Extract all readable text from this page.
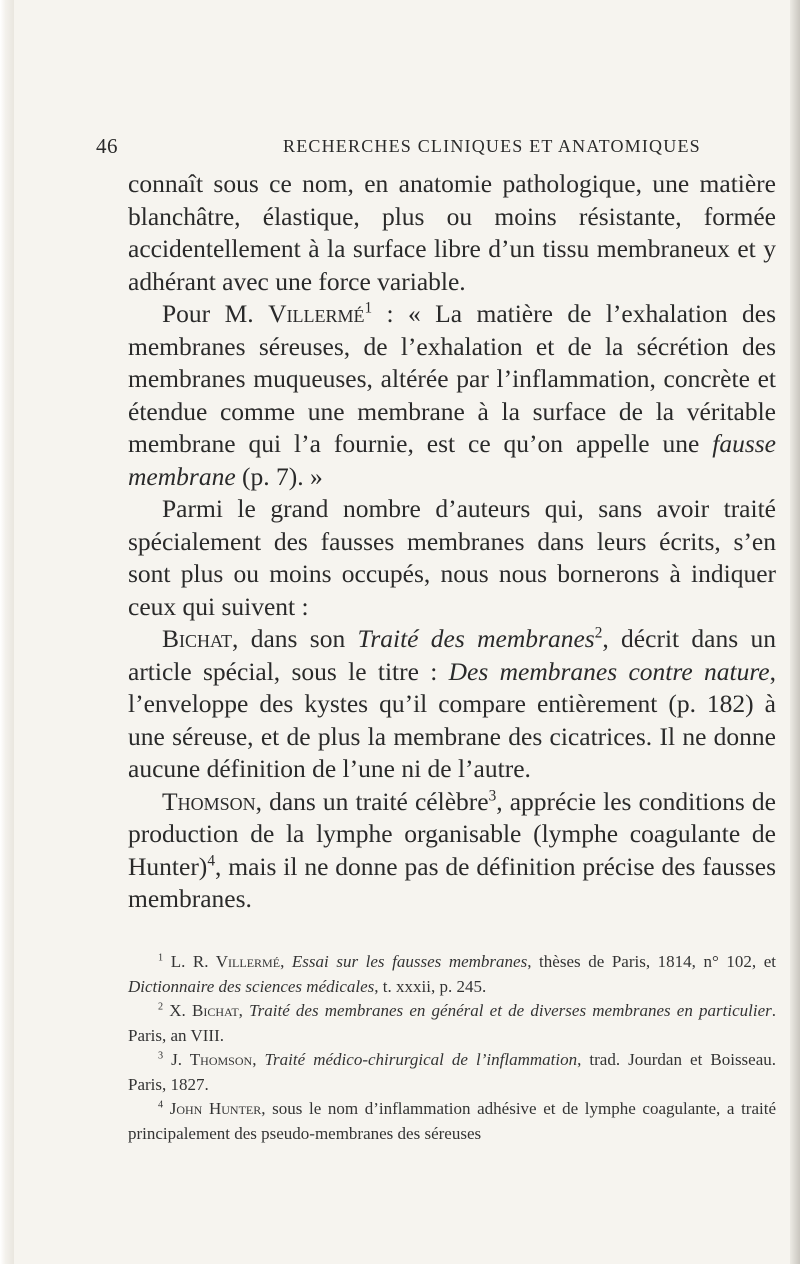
46	RECHERCHES CLINIQUES ET ANATOMIQUES

connaît sous ce nom, en anatomie pathologique, une matière blanchâtre, élastique, plus ou moins résistante, formée accidentellement à la surface libre d’un tissu membraneux et y adhérant avec une force variable.

Pour M. Villermé$^1$ : « La matière de l’exhalation des membranes séreuses, de l’exhalation et de la sécrétion des membranes muqueuses, altérée par l’inflammation, concrète et étendue comme une membrane à la surface de la véritable membrane qui l’a fournie, est ce qu’on appelle une fausse membrane (p. 7). »

Parmi le grand nombre d’auteurs qui, sans avoir traité spécialement des fausses membranes dans leurs écrits, s’en sont plus ou moins occupés, nous nous bornerons à indiquer ceux qui suivent :

Bichat, dans son Traité des membranes$^2$, décrit dans un article spécial, sous le titre : Des membranes contre nature, l’enveloppe des kystes qu’il compare entièrement (p. 182) à une séreuse, et de plus la membrane des cicatrices. Il ne donne aucune définition de l’une ni de l’autre.

Thomson, dans un traité célèbre$^3$, apprécie les conditions de production de la lymphe organisable (lymphe coagulante de Hunter)$^4$, mais il ne donne pas de définition précise des fausses membranes.

$^1$ L. R. Villermé, Essai sur les fausses membranes, thèses de Paris, 1814, n° 102, et Dictionnaire des sciences médicales, t. xxxii, p. 245.

$^2$ X. Bichat, Traité des membranes en général et de diverses membranes en particulier. Paris, an VIII.

$^3$ J. Thomson, Traité médico-chirurgical de l’inflammation, trad. Jourdan et Boisseau. Paris, 1827.

$^4$ John Hunter, sous le nom d’inflammation adhésive et de lymphe coagulante, a traité principalement des pseudo-membranes des séreuses
